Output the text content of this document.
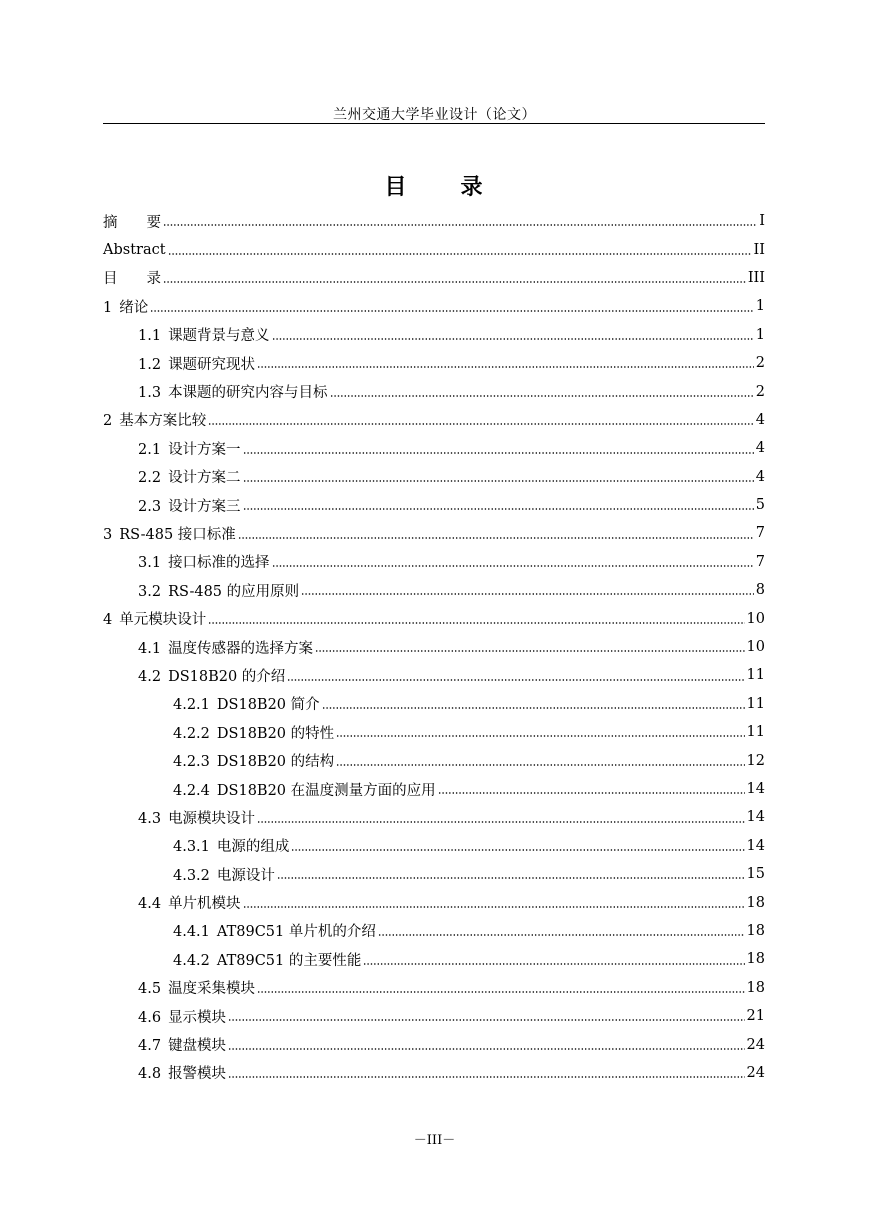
兰州交通大学毕业设计（论文）
目 录
摘　　要	I
Abstract	II
目　　录	III
1 绪论	1
1.1 课题背景与意义	1
1.2 课题研究现状	2
1.3 本课题的研究内容与目标	2
2 基本方案比较	4
2.1 设计方案一	4
2.2 设计方案二	4
2.3 设计方案三	5
3 RS-485 接口标准	7
3.1 接口标准的选择	7
3.2 RS-485 的应用原则	8
4 单元模块设计	10
4.1 温度传感器的选择方案	10
4.2 DS18B20 的介绍	11
4.2.1 DS18B20 简介	11
4.2.2 DS18B20 的特性	11
4.2.3 DS18B20 的结构	12
4.2.4 DS18B20 在温度测量方面的应用	14
4.3 电源模块设计	14
4.3.1 电源的组成	14
4.3.2 电源设计	15
4.4 单片机模块	18
4.4.1 AT89C51 单片机的介绍	18
4.4.2 AT89C51 的主要性能	18
4.5 温度采集模块	18
4.6 显示模块	21
4.7 键盘模块	24
4.8 报警模块	24
－III－
